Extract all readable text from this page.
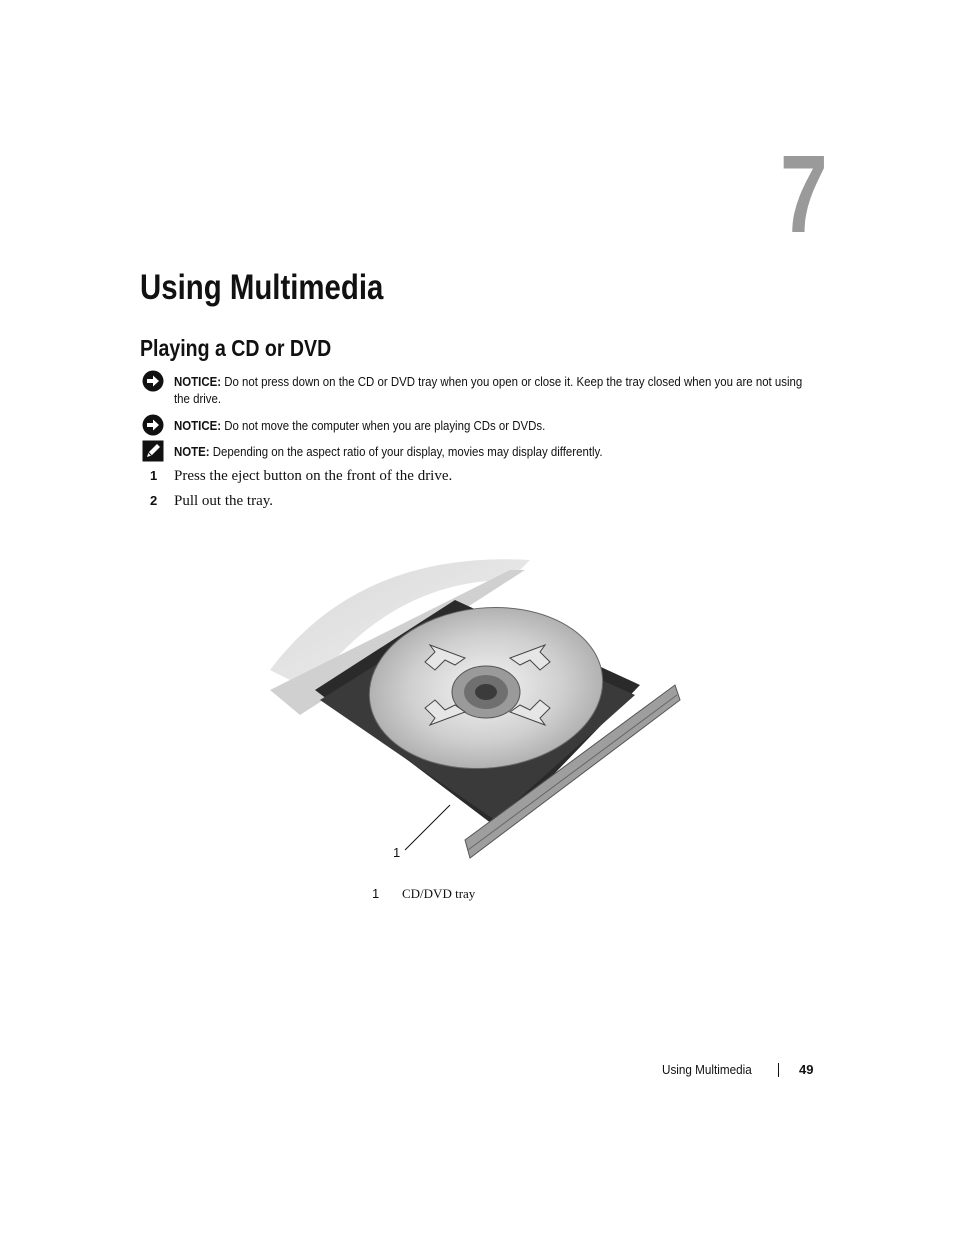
7
Using Multimedia
Playing a CD or DVD
NOTICE: Do not press down on the CD or DVD tray when you open or close it. Keep the tray closed when you are not using the drive.
NOTICE: Do not move the computer when you are playing CDs or DVDs.
NOTE: Depending on the aspect ratio of your display, movies may display differently.
1 Press the eject button on the front of the drive.
2 Pull out the tray.
1
1 CD/DVD tray
Using Multimedia	49
